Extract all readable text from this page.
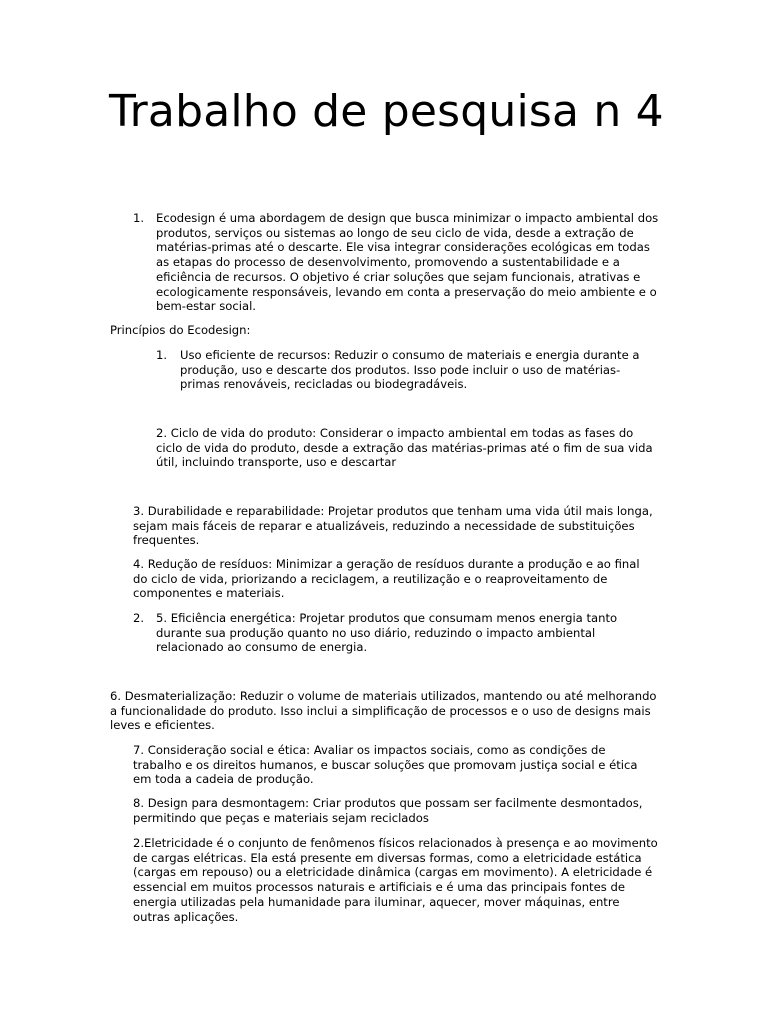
Trabalho de pesquisa n 4
1. Ecodesign é uma abordagem de design que busca minimizar o impacto ambiental dos produtos, serviços ou sistemas ao longo de seu ciclo de vida, desde a extração de matérias-primas até o descarte. Ele visa integrar considerações ecológicas em todas as etapas do processo de desenvolvimento, promovendo a sustentabilidade e a eficiência de recursos. O objetivo é criar soluções que sejam funcionais, atrativas e ecologicamente responsáveis, levando em conta a preservação do meio ambiente e o bem-estar social.

Princípios do Ecodesign:

1. Uso eficiente de recursos: Reduzir o consumo de materiais e energia durante a produção, uso e descarte dos produtos. Isso pode incluir o uso de matérias-primas renováveis, recicladas ou biodegradáveis.

2. Ciclo de vida do produto: Considerar o impacto ambiental em todas as fases do ciclo de vida do produto, desde a extração das matérias-primas até o fim de sua vida útil, incluindo transporte, uso e descartar

3. Durabilidade e reparabilidade: Projetar produtos que tenham uma vida útil mais longa, sejam mais fáceis de reparar e atualizáveis, reduzindo a necessidade de substituições frequentes.

4. Redução de resíduos: Minimizar a geração de resíduos durante a produção e ao final do ciclo de vida, priorizando a reciclagem, a reutilização e o reaproveitamento de componentes e materiais.

2. 5. Eficiência energética: Projetar produtos que consumam menos energia tanto durante sua produção quanto no uso diário, reduzindo o impacto ambiental relacionado ao consumo de energia.

6. Desmaterialização: Reduzir o volume de materiais utilizados, mantendo ou até melhorando a funcionalidade do produto. Isso inclui a simplificação de processos e o uso de designs mais leves e eficientes.

7. Consideração social e ética: Avaliar os impactos sociais, como as condições de trabalho e os direitos humanos, e buscar soluções que promovam justiça social e ética em toda a cadeia de produção.

8. Design para desmontagem: Criar produtos que possam ser facilmente desmontados, permitindo que peças e materiais sejam reciclados

2.Eletricidade é o conjunto de fenômenos físicos relacionados à presença e ao movimento de cargas elétricas. Ela está presente em diversas formas, como a eletricidade estática (cargas em repouso) ou a eletricidade dinâmica (cargas em movimento). A eletricidade é essencial em muitos processos naturais e artificiais e é uma das principais fontes de energia utilizadas pela humanidade para iluminar, aquecer, mover máquinas, entre outras aplicações.
